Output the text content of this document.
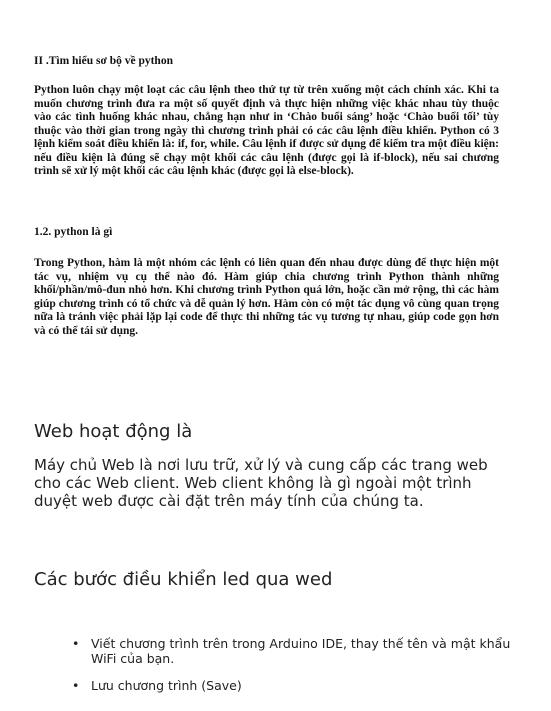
II .Tìm hiểu sơ bộ về python

Python luôn chạy một loạt các câu lệnh theo thứ tự từ trên xuống một cách chính xác. Khi ta muốn chương trình đưa ra một số quyết định và thực hiện những việc khác nhau tùy thuộc vào các tình huống khác nhau, chẳng hạn như in ‘Chào buổi sáng’ hoặc ‘Chào buổi tối’ tùy thuộc vào thời gian trong ngày thì chương trình phải có các câu lệnh điều khiển. Python có 3 lệnh kiểm soát điều khiển là: if, for, while. Câu lệnh if được sử dụng để kiểm tra một điều kiện: nếu điều kiện là đúng sẽ chạy một khối các câu lệnh (được gọi là if-block), nếu sai chương trình sẽ xử lý một khối các câu lệnh khác (được gọi là else-block).

1.2. python là gì

Trong Python, hàm là một nhóm các lệnh có liên quan đến nhau được dùng để thực hiện một tác vụ, nhiệm vụ cụ thể nào đó. Hàm giúp chia chương trình Python thành những khối/phần/mô-đun nhỏ hơn. Khi chương trình Python quá lớn, hoặc cần mở rộng, thì các hàm giúp chương trình có tổ chức và dễ quản lý hơn. Hàm còn có một tác dụng vô cùng quan trọng nữa là tránh việc phải lặp lại code để thực thi những tác vụ tương tự nhau, giúp code gọn hơn và có thể tái sử dụng.

Web hoạt động là

Máy chủ Web là nơi lưu trữ, xử lý và cung cấp các trang web cho các Web client. Web client không là gì ngoài một trình duyệt web được cài đặt trên máy tính của chúng ta.

Các bước điều khiển led qua wed
• Viết chương trình trên trong Arduino IDE, thay thế tên và mật khẩu WiFi của bạn.
• Lưu chương trình (Save)
